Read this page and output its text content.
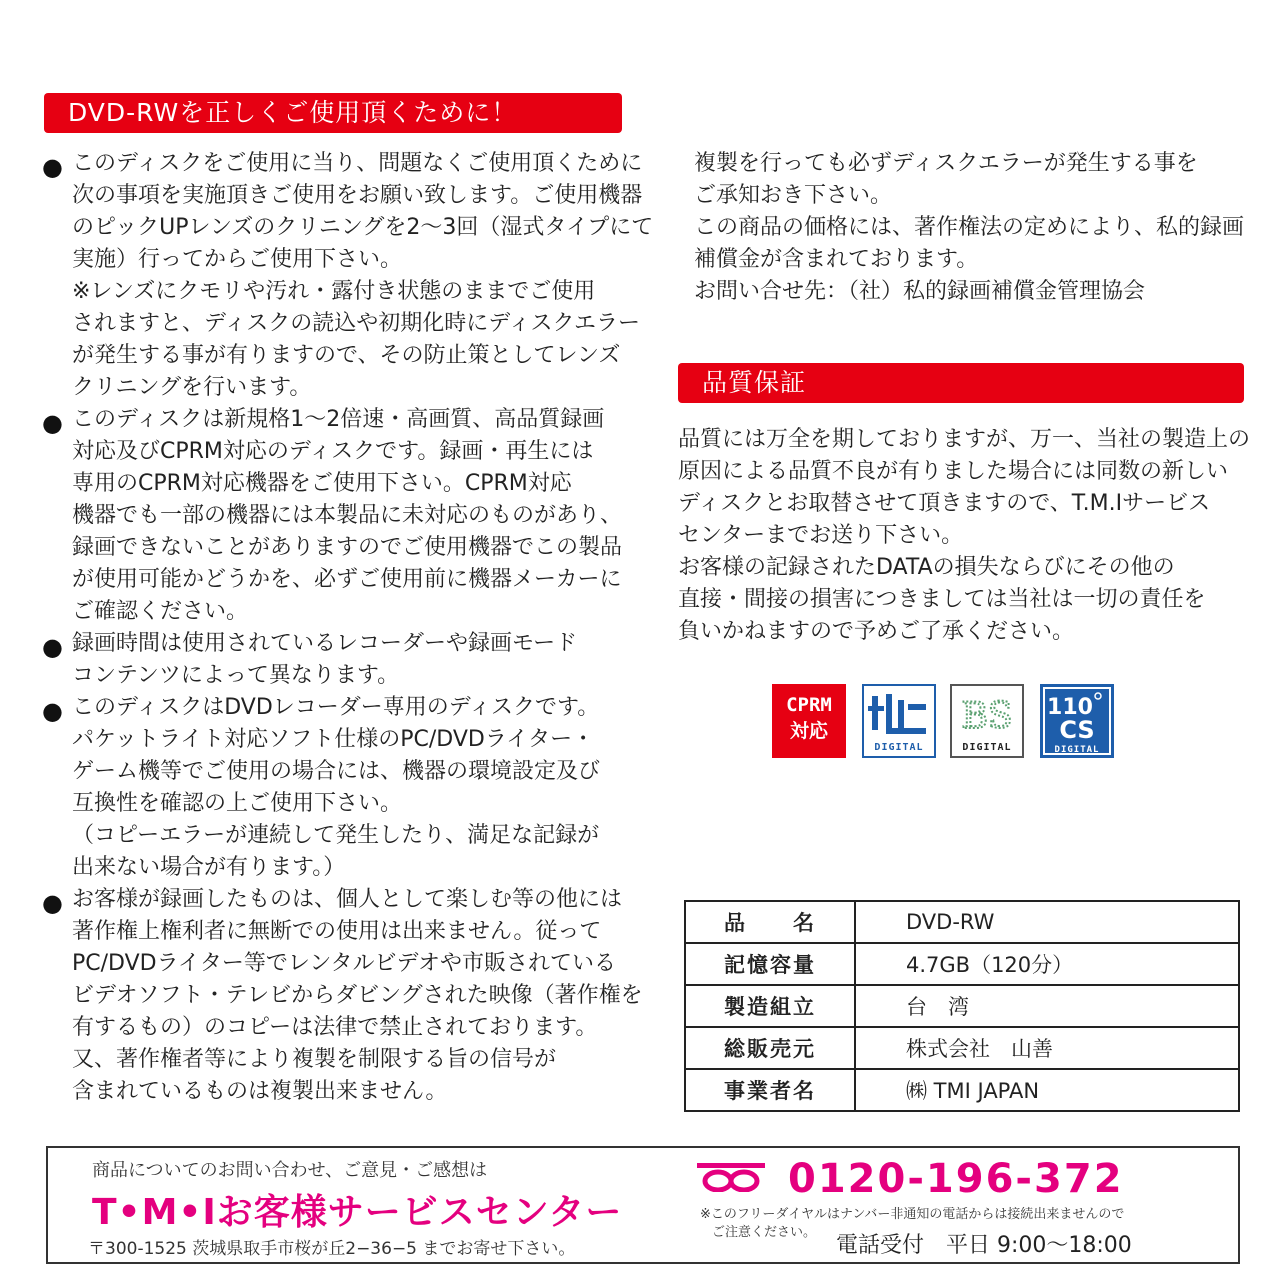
DVD-RWを正しくご使用頂くために！
● このディスクをご使用に当り、問題なくご使用頂くために
次の事項を実施頂きご使用をお願い致します。ご使用機器
のピックUPレンズのクリニングを2～3回（湿式タイプにて
実施）行ってからご使用下さい。
※レンズにクモリや汚れ・露付き状態のままでご使用
されますと、ディスクの読込や初期化時にディスクエラー
が発生する事が有りますので、その防止策としてレンズ
クリニングを行います。
● このディスクは新規格1～2倍速・高画質、高品質録画
対応及びCPRM対応のディスクです。録画・再生には
専用のCPRM対応機器をご使用下さい。CPRM対応
機器でも一部の機器には本製品に未対応のものがあり、
録画できないことがありますのでご使用機器でこの製品
が使用可能かどうかを、必ずご使用前に機器メーカーに
ご確認ください。
● 録画時間は使用されているレコーダーや録画モード
コンテンツによって異なります。
● このディスクはDVDレコーダー専用のディスクです。
パケットライト対応ソフト仕様のPC/DVDライター・
ゲーム機等でご使用の場合には、機器の環境設定及び
互換性を確認の上ご使用下さい。
（コピーエラーが連続して発生したり、満足な記録が
出来ない場合が有ります。）
● お客様が録画したものは、個人として楽しむ等の他には
著作権上権利者に無断での使用は出来ません。従って
PC/DVDライター等でレンタルビデオや市販されている
ビデオソフト・テレビからダビングされた映像（著作権を
有するもの）のコピーは法律で禁止されております。
又、著作権者等により複製を制限する旨の信号が
含まれているものは複製出来ません。
複製を行っても必ずディスクエラーが発生する事を
ご承知おき下さい。
この商品の価格には、著作権法の定めにより、私的録画
補償金が含まれております。
お問い合せ先：（社）私的録画補償金管理協会
品質保証
品質には万全を期しておりますが、万一、当社の製造上の
原因による品質不良が有りました場合には同数の新しい
ディスクとお取替させて頂きますので、T.M.Iサービス
センターまでお送り下さい。
お客様の記録されたDATAの損失ならびにその他の
直接・間接の損害につきましては当社は一切の責任を
負いかねますので予めご了承ください。
CPRM
対応
DIGITAL
BS
DIGITAL
110
CS
DIGITAL
品　　名	DVD-RW
記憶容量	4.7GB（120分）
製造組立	台　湾
総販売元	株式会社　山善
事業者名	㈱ TMI JAPAN
商品についてのお問い合わせ、ご意見・ご感想は
T•M•Iお客様サービスセンター
〒300-1525 茨城県取手市桜が丘2−36−5 までお寄せ下さい。
0120-196-372
※このフリーダイヤルはナンバー非通知の電話からは接続出来ませんので
ご注意ください。
電話受付　平日 9:00～18:00
